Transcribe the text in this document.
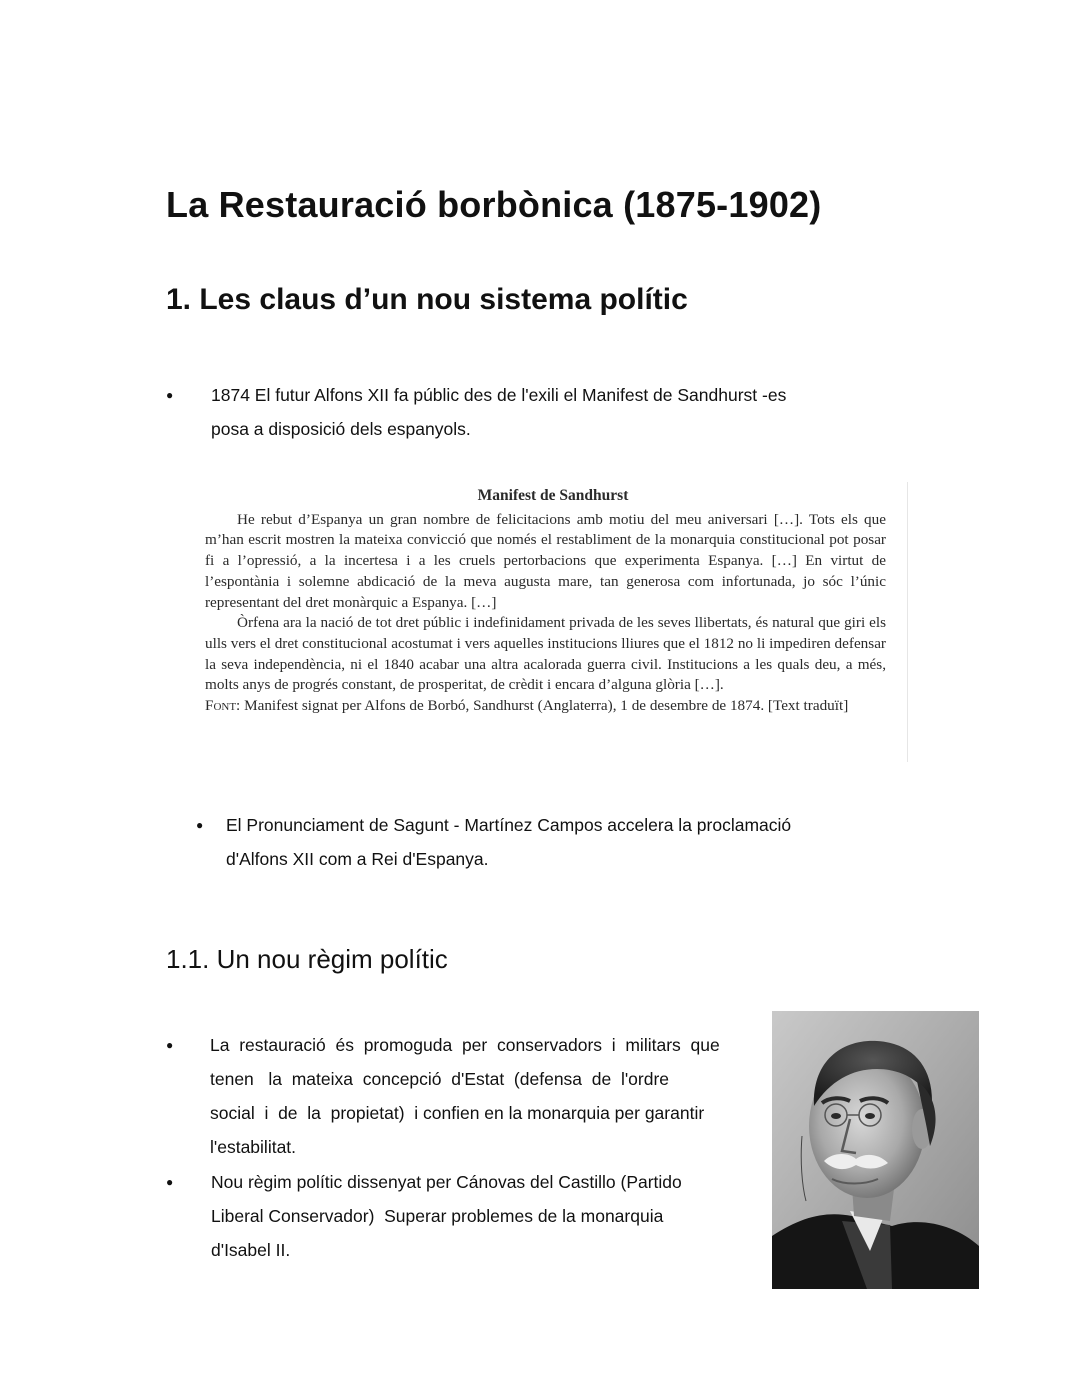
La Restauració borbònica (1875-1902)
1. Les claus d’un nou sistema polític
● 1874 El futur Alfons XII fa públic des de l'exili el Manifest de Sandhurst -es
posa a disposició dels espanyols.
Manifest de Sandhurst

He rebut d’Espanya un gran nombre de felicitacions amb motiu del meu aniversari […]. Tots els que m’han escrit mostren la mateixa convicció que només el restabliment de la monarquia constitucional pot posar fi a l’opressió, a la incertesa i a les cruels pertorbacions que experimenta Espanya. […] En virtut de l’espontània i solemne abdicació de la meva augusta mare, tan generosa com infortunada, jo sóc l’únic representant del dret monàrquic a Espanya. […]

Òrfena ara la nació de tot dret públic i indefinidament privada de les seves llibertats, és natural que giri els ulls vers el dret constitucional acostumat i vers aquelles institucions lliures que el 1812 no li impediren defensar la seva independència, ni el 1840 acabar una altra acalorada guerra civil. Institucions a les quals deu, a més, molts anys de progrés constant, de prosperitat, de crèdit i encara d’alguna glòria […].

Font: Manifest signat per Alfons de Borbó, Sandhurst (Anglaterra), 1 de desembre de 1874. [Text traduït]

● El Pronunciament de Sagunt - Martínez Campos accelera la proclamació
d'Alfons XII com a Rei d'Espanya.
1.1. Un nou règim polític
● La  restauració  és  promoguda  per  conservadors  i  militars  que
tenen   la  mateixa  concepció  d'Estat  (defensa  de  l'ordre
social  i  de  la  propietat)  i confien en la monarquia per garantir
l'estabilitat.
● Nou règim polític dissenyat per Cánovas del Castillo (Partido
Liberal Conservador)  Superar problemes de la monarquia
d'Isabel II.
